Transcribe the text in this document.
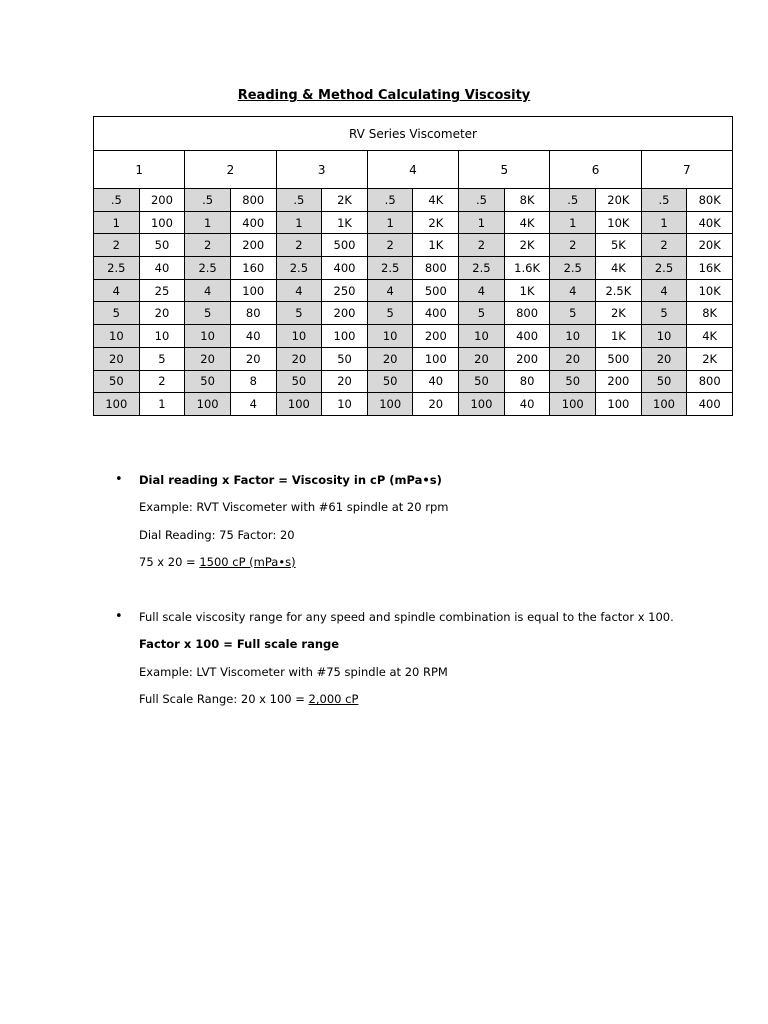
Reading & Method Calculating Viscosity
RV Series Viscometer													
1		2		3		4		5		6		7	
.5	200	.5	800	.5	2K	.5	4K	.5	8K	.5	20K	.5	80K
1	100	1	400	1	1K	1	2K	1	4K	1	10K	1	40K
2	50	2	200	2	500	2	1K	2	2K	2	5K	2	20K
2.5	40	2.5	160	2.5	400	2.5	800	2.5	1.6K	2.5	4K	2.5	16K
4	25	4	100	4	250	4	500	4	1K	4	2.5K	4	10K
5	20	5	80	5	200	5	400	5	800	5	2K	5	8K
10	10	10	40	10	100	10	200	10	400	10	1K	10	4K
20	5	20	20	20	50	20	100	20	200	20	500	20	2K
50	2	50	8	50	20	50	40	50	80	50	200	50	800
100	1	100	4	100	10	100	20	100	40	100	100	100	400
• Dial reading x Factor = Viscosity in cP (mPa•s)
Example: RVT Viscometer with #61 spindle at 20 rpm
Dial Reading: 75 Factor: 20
75 x 20 = 1500 cP (mPa•s)
• Full scale viscosity range for any speed and spindle combination is equal to the factor x 100.
Factor x 100 = Full scale range
Example: LVT Viscometer with #75 spindle at 20 RPM
Full Scale Range: 20 x 100 = 2,000 cP
